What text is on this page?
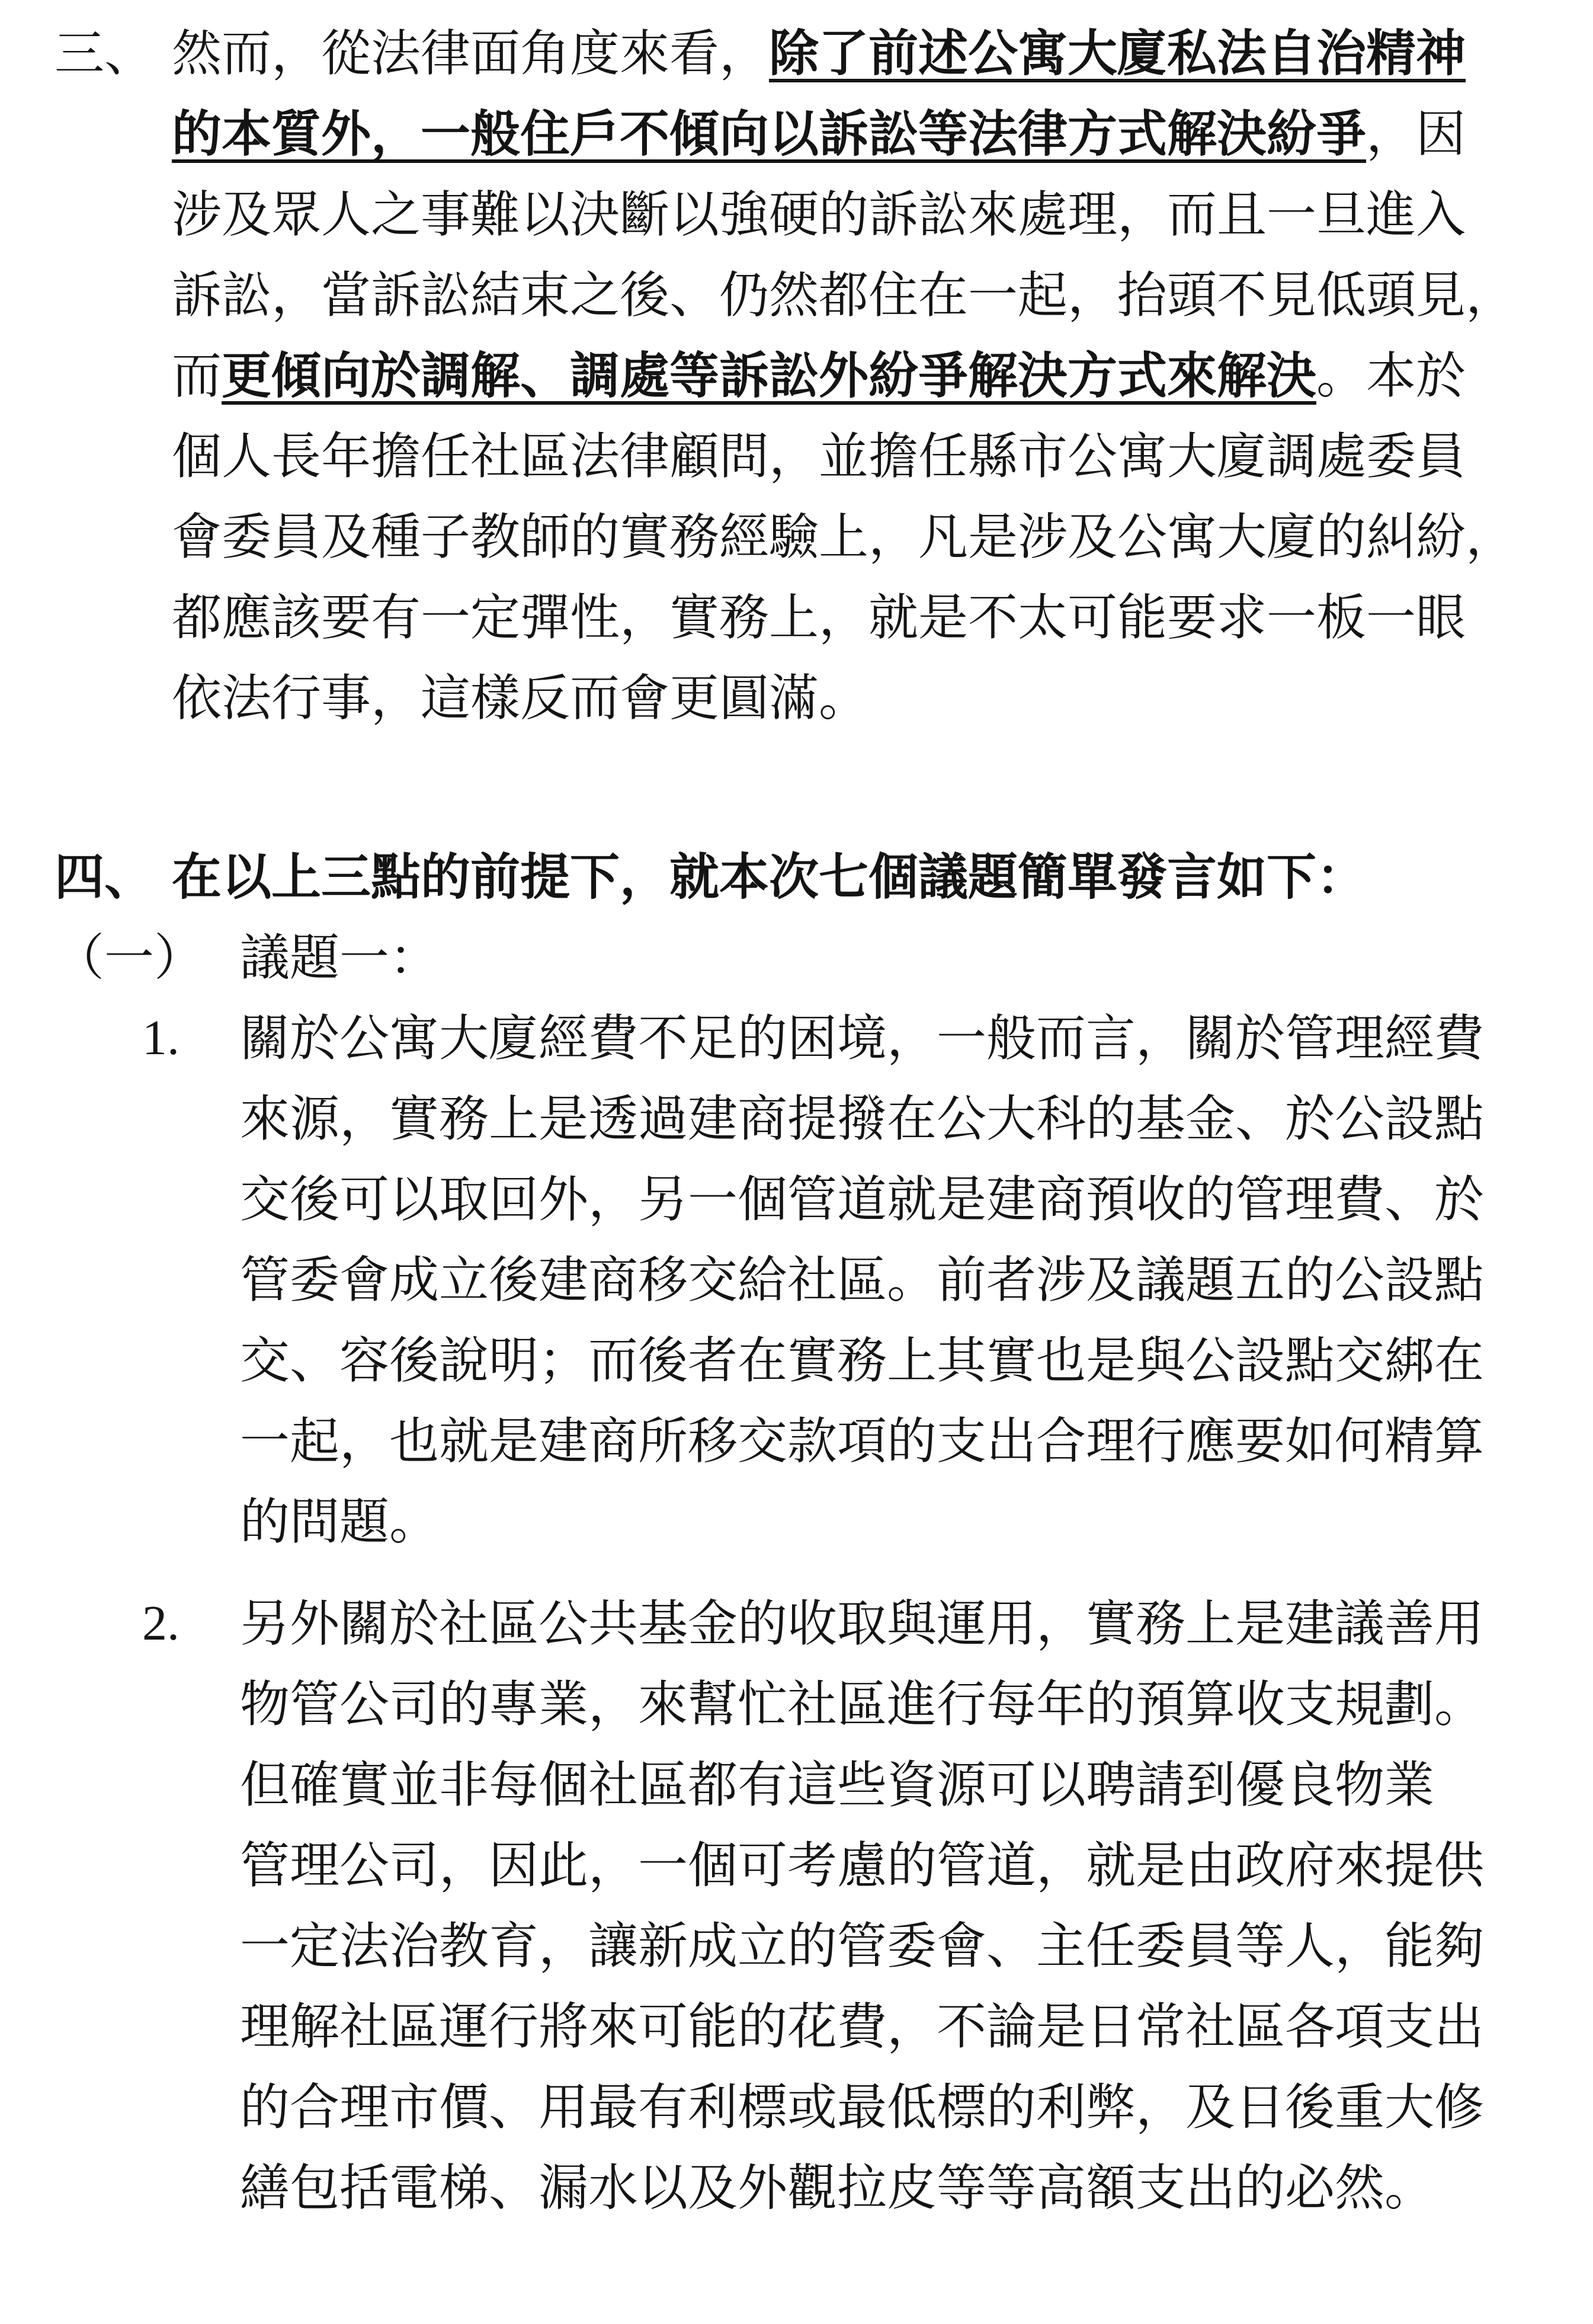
三、 然而，從法律面角度來看，除了前述公寓大廈私法自治精神
的本質外，一般住戶不傾向以訴訟等法律方式解決紛爭，因
涉及眾人之事難以決斷以強硬的訴訟來處理，而且一旦進入
訴訟，當訴訟結束之後、仍然都住在一起，抬頭不見低頭見，
而更傾向於調解、調處等訴訟外紛爭解決方式來解決。本於
個人長年擔任社區法律顧問，並擔任縣市公寓大廈調處委員
會委員及種子教師的實務經驗上，凡是涉及公寓大廈的糾紛，
都應該要有一定彈性，實務上，就是不太可能要求一板一眼
依法行事，這樣反而會更圓滿。
四、 在以上三點的前提下，就本次七個議題簡單發言如下：
（一） 議題一：
1. 關於公寓大廈經費不足的困境，一般而言，關於管理經費
來源，實務上是透過建商提撥在公大科的基金、於公設點
交後可以取回外，另一個管道就是建商預收的管理費、於
管委會成立後建商移交給社區。前者涉及議題五的公設點
交、容後說明；而後者在實務上其實也是與公設點交綁在
一起，也就是建商所移交款項的支出合理行應要如何精算
的問題。
2. 另外關於社區公共基金的收取與運用，實務上是建議善用
物管公司的專業，來幫忙社區進行每年的預算收支規劃。
但確實並非每個社區都有這些資源可以聘請到優良物業
管理公司，因此，一個可考慮的管道，就是由政府來提供
一定法治教育，讓新成立的管委會、主任委員等人，能夠
理解社區運行將來可能的花費，不論是日常社區各項支出
的合理市價、用最有利標或最低標的利弊，及日後重大修
繕包括電梯、漏水以及外觀拉皮等等高額支出的必然。
